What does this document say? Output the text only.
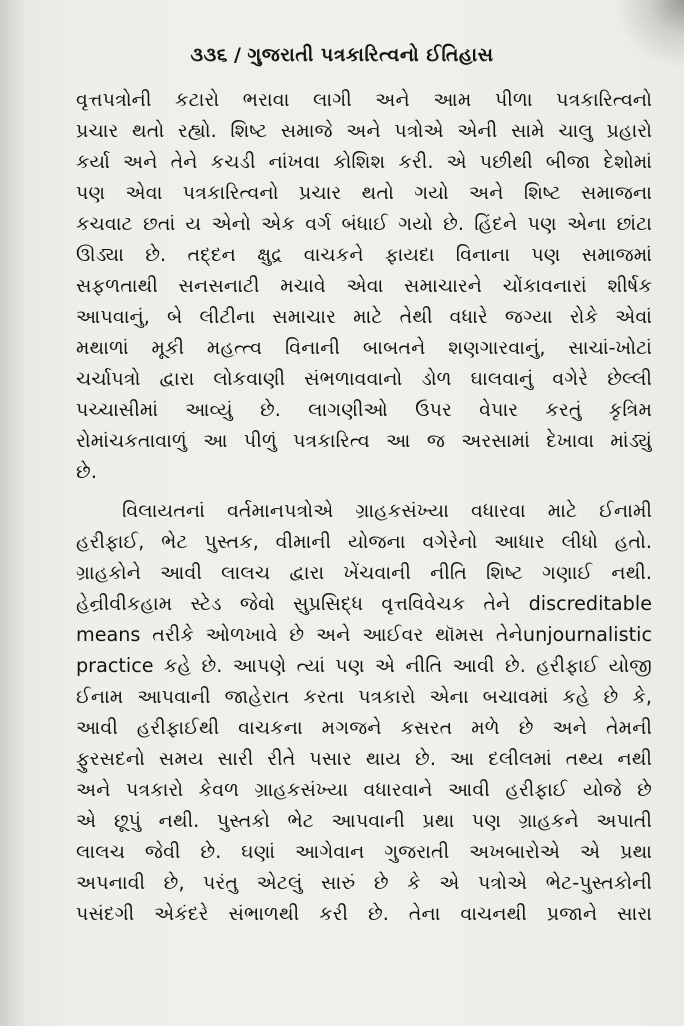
૩૩૬ / ગુજરાતી પત્રકારિત્વનો ઈતિહાસ
વૃત્તપત્રોની કટારો ભરાવા લાગી અને આમ પીળા પત્રકારિત્વનો
પ્રચાર થતો રહ્યો. શિષ્ટ સમાજે અને પત્રોએ એની સામે ચાલુ પ્રહારો
કર્યા અને તેને કચડી નાંખવા કોશિશ કરી. એ પછીથી બીજા દેશોમાં
પણ એવા પત્રકારિત્વનો પ્રચાર થતો ગયો અને શિષ્ટ સમાજના
કચવાટ છતાં ય એનો એક વર્ગ બંધાઈ ગયો છે. હિંદને પણ એના છાંટા
ઊડ્યા છે. તદ્દન ક્ષુદ્ર વાચકને ફાયદા વિનાના પણ સમાજમાં
સફળતાથી સનસનાટી મચાવે એવા સમાચારને ચોંકાવનારાં શીર્ષક
આપવાનું, બે લીટીના સમાચાર માટે તેથી વધારે જગ્યા રોકે એવાં
મથાળાં મૂકી મહત્ત્વ વિનાની બાબતને શણગારવાનું, સાચાં-ખોટાં
ચર્ચાપત્રો દ્વારા લોકવાણી સંભળાવવાનો ડોળ ઘાલવાનું વગેરે છેલ્લી
પચ્ચાસીમાં આવ્યું છે. લાગણીઓ ઉપર વેપાર કરતું કૃત્રિમ
રોમાંચકતાવાળું આ પીળું પત્રકારિત્વ આ જ અરસામાં દેખાવા માંડ્યું
છે.
વિલાયતનાં વર્તમાનપત્રોએ ગ્રાહકસંખ્યા વધારવા માટે ઈનામી
હરીફાઈ, ભેટ પુસ્તક, વીમાની યોજના વગેરેનો આધાર લીધો હતો.
ગ્રાહકોને આવી લાલચ દ્વારા ખેંચવાની નીતિ શિષ્ટ ગણાઈ નથી.
હેન્રીવીકહામ સ્ટેડ જેવો સુપ્રસિદ્ધ વૃત્તવિવેચક તેને discreditable
means તરીકે ઓળખાવે છે અને આઈવર થૉમસ તેનેunjournalistic
practice કહે છે. આપણે ત્યાં પણ એ નીતિ આવી છે. હરીફાઈ યોજી
ઈનામ આપવાની જાહેરાત કરતા પત્રકારો એના બચાવમાં કહે છે કે,
આવી હરીફાઈથી વાચકના મગજને કસરત મળે છે અને તેમની
ફુરસદનો સમય સારી રીતે પસાર થાય છે. આ દલીલમાં તથ્ય નથી
અને પત્રકારો કેવળ ગ્રાહકસંખ્યા વધારવાને આવી હરીફાઈ યોજે છે
એ છૂપું નથી. પુસ્તકો ભેટ આપવાની પ્રથા પણ ગ્રાહકને અપાતી
લાલચ જેવી છે. ઘણાં આગેવાન ગુજરાતી અખબારોએ એ પ્રથા
અપનાવી છે, પરંતુ એટલું સારું છે કે એ પત્રોએ ભેટ-પુસ્તકોની
પસંદગી એકંદરે સંભાળથી કરી છે. તેના વાચનથી પ્રજાને સારા
